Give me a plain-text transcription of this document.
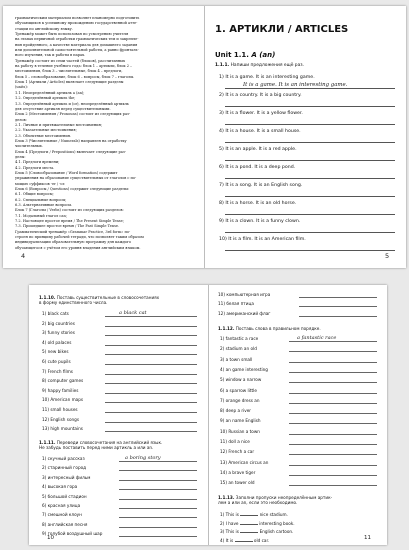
грамматическим материалом позволяет планомерно подготовить

обучающихся к успешному прохождению государственной атте-

стации по английскому языку.

Тренажёр может быть использован по усмотрению учителя

на этапах первичной отработки грамматических тем и закрепле-

ния пройденного, а качестве материала для домашнего задания

или дополнительной самостоятельной работы, а равно фронталь-

ного изучения, так и работы в парах.

Тренажёр состоит из семи частей (блоков), рассчитанных

на работу в течение учебного года: блок 1 – артикли, блок 2 –

местоимения, блок 3 – числительные, блок 4 – предлоги,

блок 5 – словообразование, блок 6 – вопросы, блок 7 – глаголы.

Блок 1 (Артикли / Articles) включает следующие разделы

(units):

1.1. Неопределённый артикль a (an);

1.2. Определённый артикль the;

1.3. Определённый артикль и (or), неопределённый артикль

для отсутствие артикля перед существительными.

Блок 2 (Местоимения / Pronouns) состоит из следующих раз-

делов:

2.1. Личные и притяжательные местоимения;

2.2. Указательные местоимения;

2.3. Объектные местоимения.

Блок 3 (Числительные / Numerals) направлен на отработку

числительных.

Блок 4 (Предлоги / Prepositions) включает следующие раз-

делы:

4.1. Предлоги времени;

4.2. Предлоги места.

Блок 5 (Словообразование / Word formation) содержит

упражнения на образование существительных от глаголов с по-

мощью суффиксов -er / -or.

Блок 6 (Вопросы / Questions) содержит следующие разделы:

6.1. Общие вопросы;

6.2. Специальные вопросы;

6.3. Альтернативные вопросы.

Блок 7 (Глаголы / Verbs) состоит из следующих разделов:

7.1. Модальный глагол can;

7.2. Настоящее простое время / The Present Simple Tense;

7.3. Прошедшее простое время / The Past Simple Tense.

Грамматический тренажёр «Grammar Practice, 3rd form» по-

строен по принципу рабочей тетради, что позволяет таким образом

индивидуализации образовательную программу для каждого

обучающегося с учётом его уровня владения английским языком.

4
1. АРТИКЛИ / ARTICLES
Unit 1.1. A (an)
1.1.1. Напиши предложения ещё раз.
1) It is a game. It is an interesting game.
2) It is a country. It is a big country.
3) It is a flower. It is a yellow flower.
4) It is a house. It is a small house.
5) It is an apple. It is a red apple.
6) It is a pond. It is a deep pond.
7) It is a song. It is an English song.
8) It is a horse. It is an old horse.
9) It is a clown. It is a funny clown.
10) It is a film. It is an American film.
It is a game. It is an interesting game.
5
1.1.10. Поставь существительные в словосочетаниях
в форму единственного числа.
1) black cats	a black cat
2) big countries
3) funny stories
4) old palaces
5) new bikes
6) cute pupils
7) French films
8) computer games
9) happy families
10) American maps
11) small houses
12) English songs
13) high mountains
1.1.11. Переведи словосочетания на английский язык.
Не забудь поставить перед ними артикль a или an.
1) скучный рассказ	a boring story
2) старинный город
3) интересный фильм
4) высокая гора
5) большой стадион
6) красная улица
7) смешной клоун
8) английская песня
9) голубой воздушный шар
10
10) компьютерная игра
11) белая птица
12) американский флаг
1.1.12. Поставь слова в правильном порядке.
1) fantastic a race	a fantastic race
2) stadium an old
3) a town small
4) an game interesting
5) window a narrow
6) a sparrow little
7) orange dress an
8) deep a river
9) an name English
10) Russian a town
11) doll a nice
12) French a car
13) American circus an
14) a brave tiger
15) an tower old
1.1.13. Заполни пропуски неопределённым артик-
лем a или an, если это необходимо.
1) This is	nice stadium.
2) I have	interesting book.
3) This is	English cartoon.
4) It is	old car.	11
